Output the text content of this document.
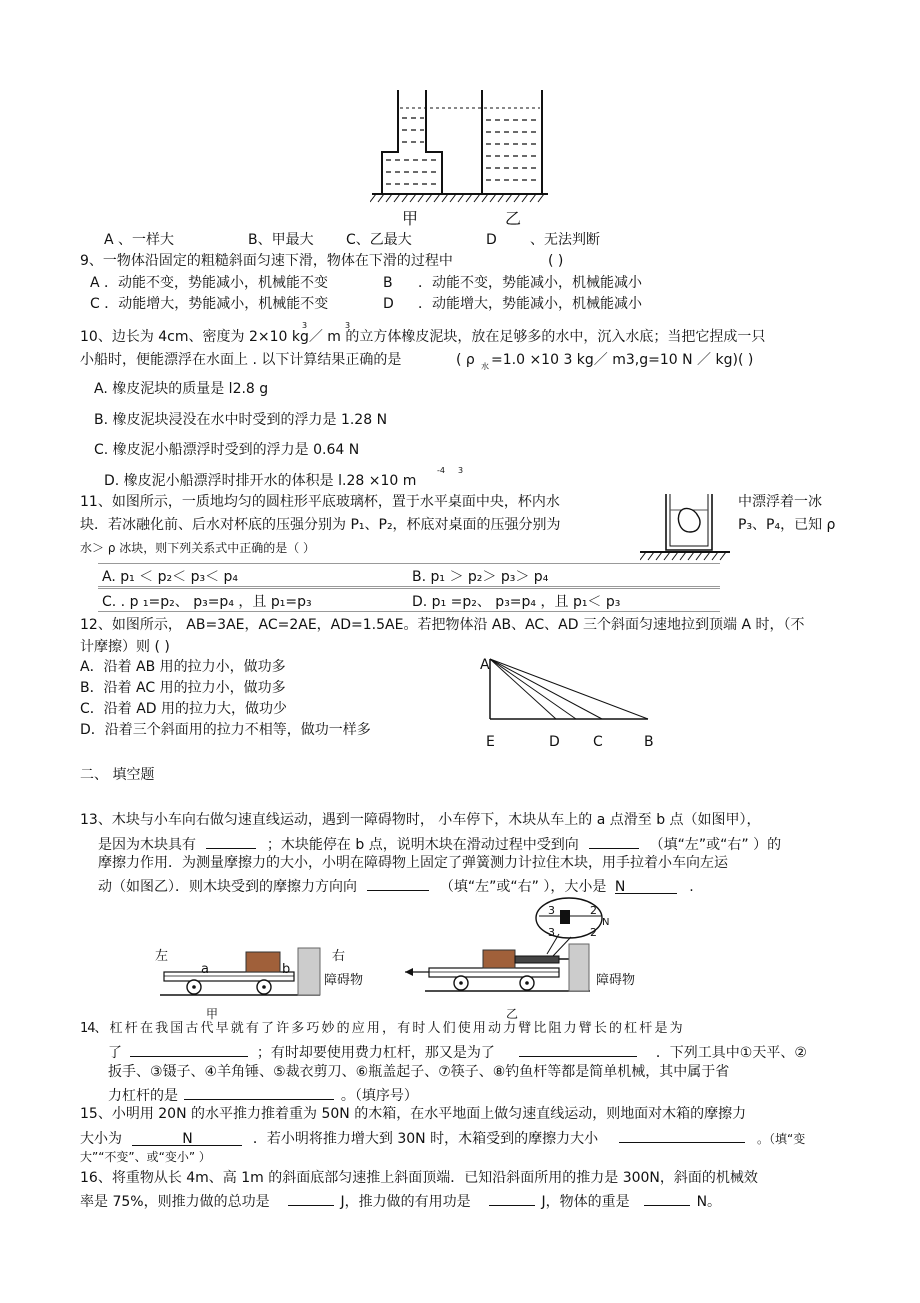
甲	乙
A 、一样大	B、甲最大 C、乙最大	D 、无法判断
9、一物体沿固定的粗糙斜面匀速下滑，物体在下滑的过程中	( )
A ．动能不变，势能减小，机械能不变	B ．动能不变，势能减小，机械能减小
C ．动能增大，势能减小，机械能不变	D ．动能增大，势能减小，机械能减小
3	3
10、边长为 4cm、密度为 2×10 kg／ m 的立方体橡皮泥块，放在足够多的水中，沉入水底；当把它捏成一只
小船时，便能漂浮在水面上 . 以下计算结果正确的是	( ρ 水 =1.0 ×10 3 kg／ m3,g=10 N ／ kg)( )
A. 橡皮泥块的质量是 l2.8 g
B. 橡皮泥块浸没在水中时受到的浮力是 1.28 N
C. 橡皮泥小船漂浮时受到的浮力是 0.64 N
-4 3
D. 橡皮泥小船漂浮时排开水的体积是 l.28 ×10 m
11、如图所示，一质地均匀的圆柱形平底玻璃杯，置于水平桌面中央，杯内水	中漂浮着一冰
块．若冰融化前、后水对杯底的压强分别为 P₁、P₂，杯底对桌面的压强分别为	P₃、P₄，已知 ρ
水＞ ρ 冰块，则下列关系式中正确的是（ ）
A. p₁ ＜ p₂＜ p₃＜ p₄	B. p₁ ＞ p₂＞ p₃＞ p₄
C. . p ₁=p₂、 p₃=p₄ ，且 p₁=p₃	D. p₁ =p₂、 p₃=p₄ ，且 p₁＜ p₃
12、如图所示， AB=3AE，AC=2AE，AD=1.5AE。若把物体沿 AB、AC、AD 三个斜面匀速地拉到顶端 A 时，（不
计摩擦）则 ( )
A．沿着 AB 用的拉力小，做功多
B．沿着 AC 用的拉力小，做功多
C．沿着 AD 用的拉力大，做功少
D．沿着三个斜面用的拉力不相等，做功一样多
A
E	D C	B
二、 填空题
13、木块与小车向右做匀速直线运动，遇到一障碍物时， 小车停下，木块从车上的 a 点滑至 b 点（如图甲），
是因为木块具有	；木块能停在 b 点，说明木块在滑动过程中受到向	（填“左”或“右” ）的
摩擦力作用．为测量摩擦力的大小，小明在障碍物上固定了弹簧测力计拉住木块，用手拉着小车向左运
动（如图乙）．则木块受到的摩擦力方向向	（填“左”或“右” ），大小是 N	.
左	右
a	b
障碍物
甲
3	2
N
3	2
障碍物
乙
14、 杠 杆 在 我 国 古 代 早 就 有 了 许 多 巧 妙 的 应 用 ， 有 时 人 们 使 用 动 力 臂 比 阻 力 臂 长 的 杠 杆 是 为
了	；有时却要使用费力杠杆，那又是为了	．下列工具中①天平、②
扳手、③镊子、④羊角锤、⑤裁衣剪刀、⑥瓶盖起子、⑦筷子、⑧钓鱼杆等都是简单机械，其中属于省
力杠杆的是	。（填序号）
15、小明用 20N 的水平推力推着重为 50N 的木箱，在水平地面上做匀速直线运动，则地面对木箱的摩擦力
大小为	N	．若小明将推力增大到 30N 时，木箱受到的摩擦力大小	。（填“变
大”“不变”、或“变小” ）
16、将重物从长 4m、高 1m 的斜面底部匀速推上斜面顶端．已知沿斜面所用的推力是 300N，斜面的机械效
率是 75%，则推力做的总功是	J，推力做的有用功是	J，物体的重是	N。
